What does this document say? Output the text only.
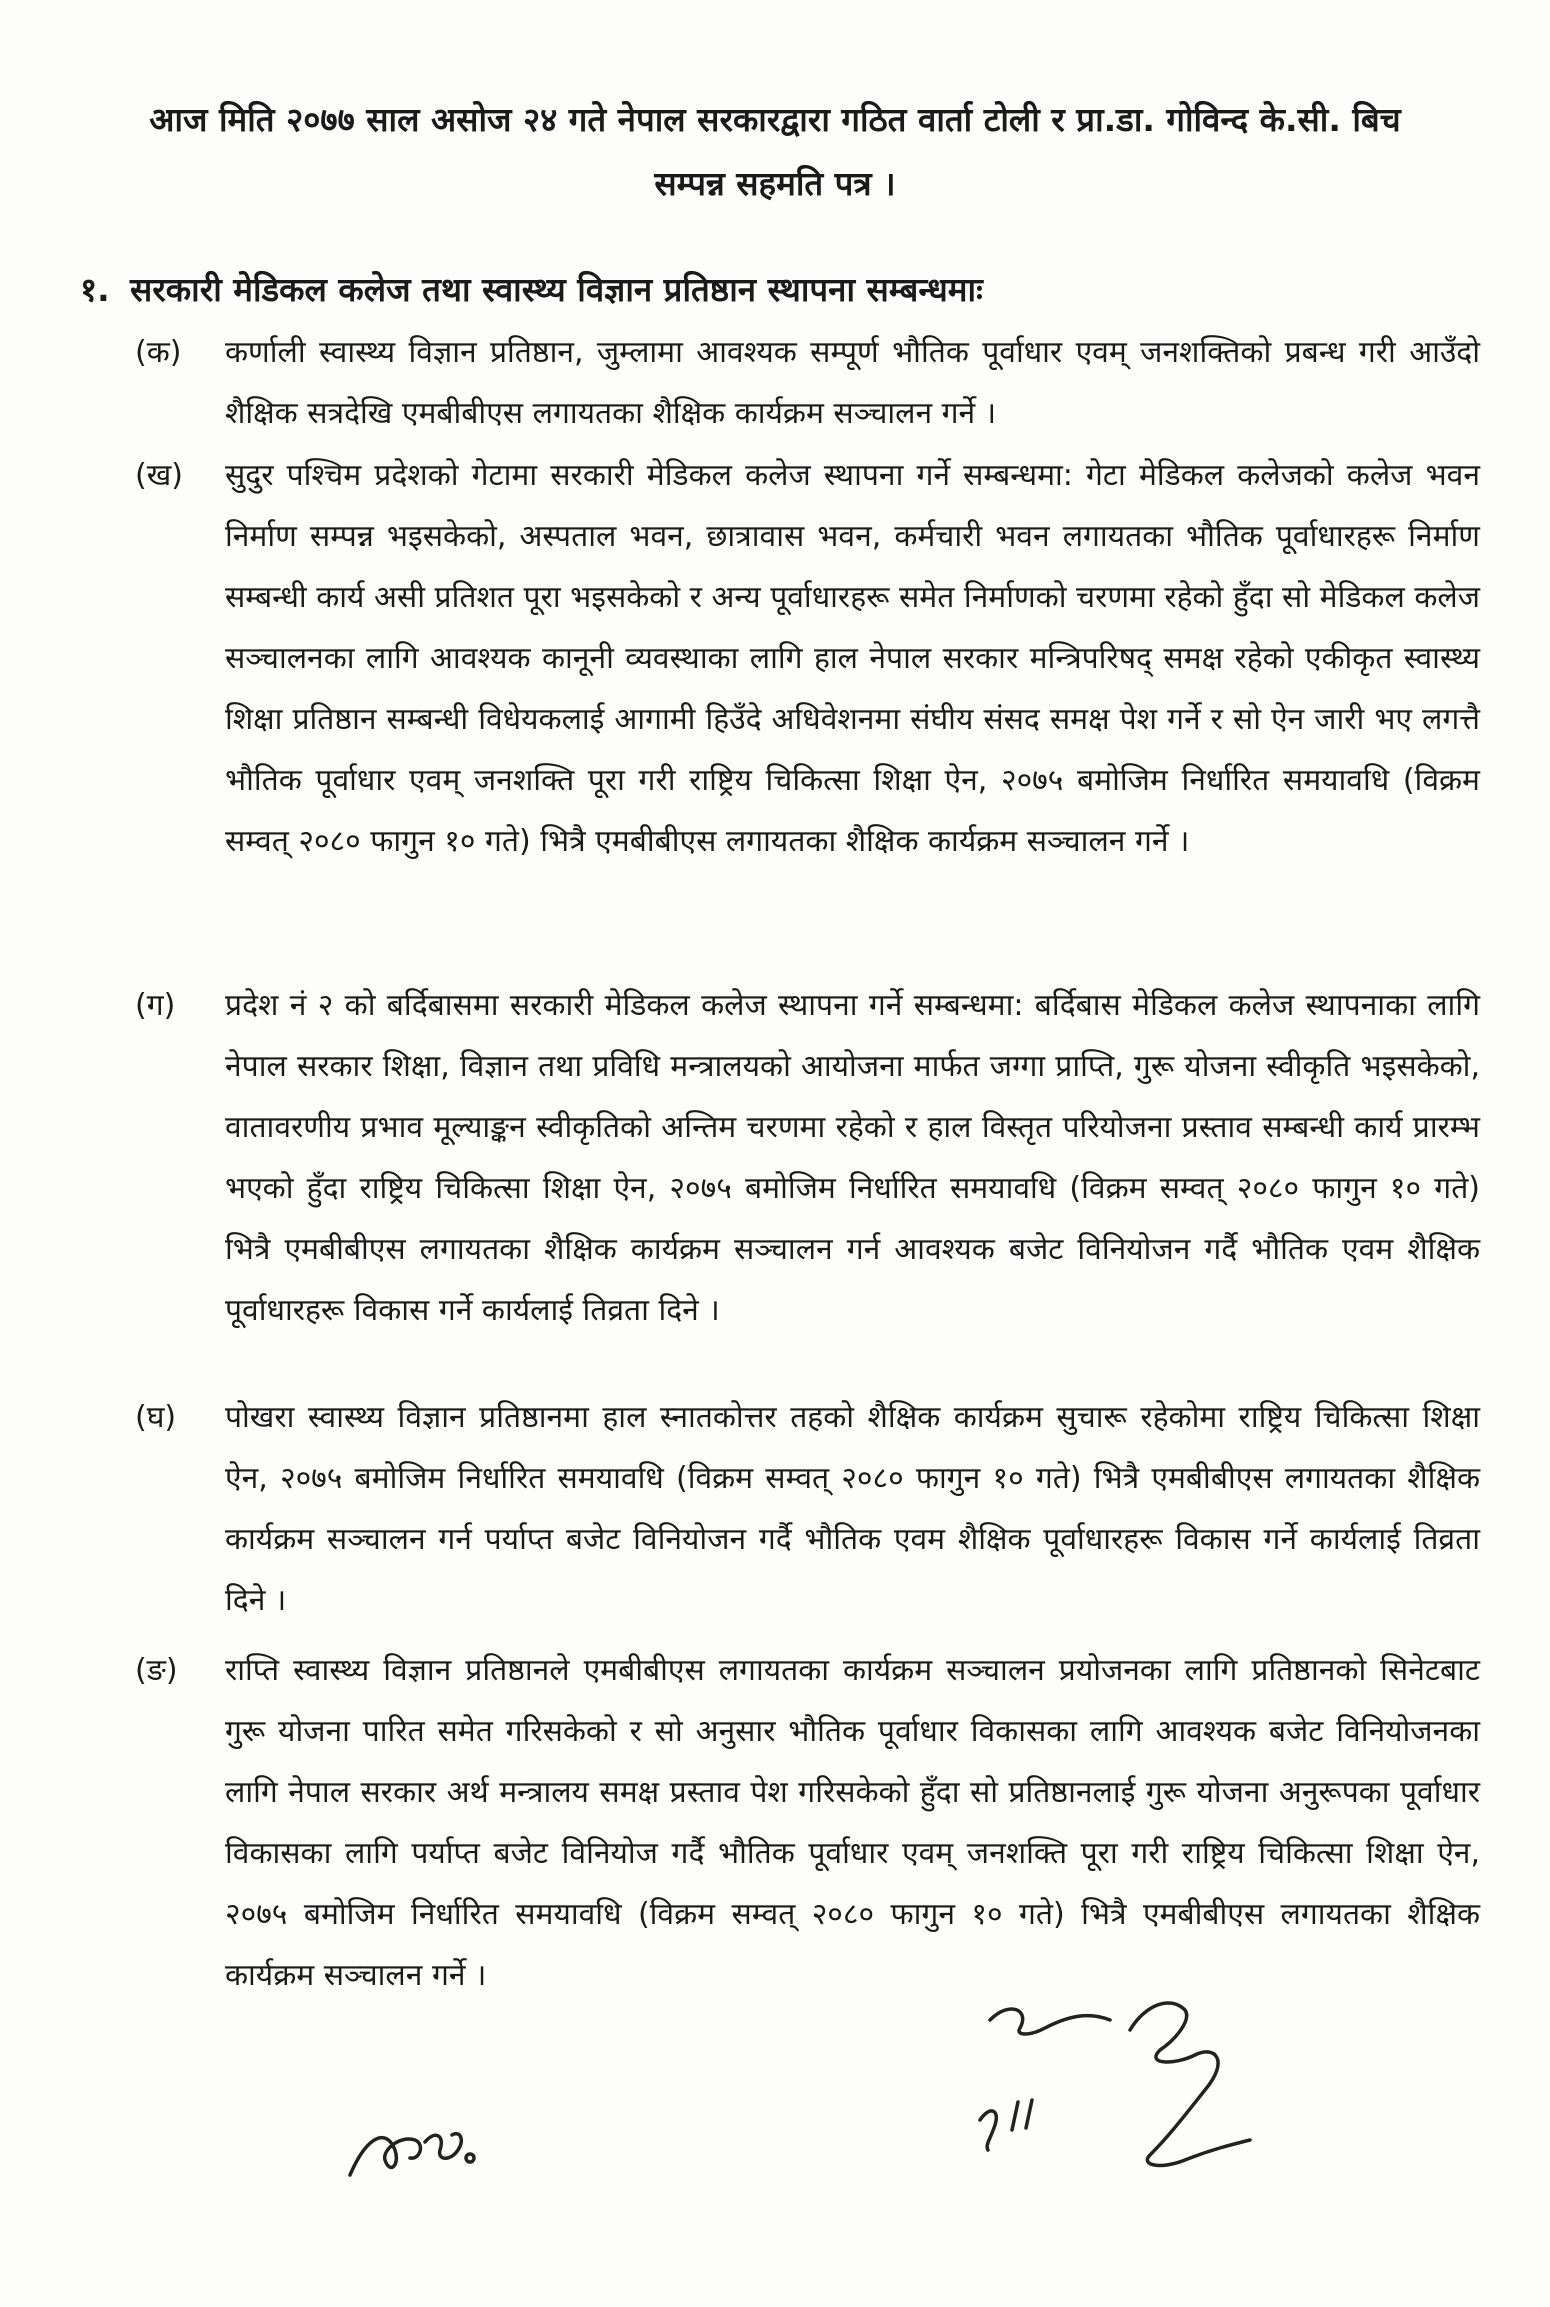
आज मिति २०७७ साल असोज २४ गते नेपाल सरकारद्वारा गठित वार्ता टोली र प्रा.डा. गोविन्द के.सी. बिच
सम्पन्न सहमति पत्र ।
१. सरकारी मेडिकल कलेज तथा स्वास्थ्य विज्ञान प्रतिष्ठान स्थापना सम्बन्धमाः
(क)	कर्णाली स्वास्थ्य विज्ञान प्रतिष्ठान, जुम्लामा आवश्यक सम्पूर्ण भौतिक पूर्वाधार एवम् जनशक्तिको प्रबन्ध गरी आउँदो शैक्षिक सत्रदेखि एमबीबीएस लगायतका शैक्षिक कार्यक्रम सञ्चालन गर्ने ।
(ख)	सुदुर पश्चिम प्रदेशको गेटामा सरकारी मेडिकल कलेज स्थापना गर्ने सम्बन्धमा: गेटा मेडिकल कलेजको कलेज भवन निर्माण सम्पन्न भइसकेको, अस्पताल भवन, छात्रावास भवन, कर्मचारी भवन लगायतका भौतिक पूर्वाधारहरू निर्माण सम्बन्धी कार्य असी प्रतिशत पूरा भइसकेको र अन्य पूर्वाधारहरू समेत निर्माणको चरणमा रहेको हुँदा सो मेडिकल कलेज सञ्चालनका लागि आवश्यक कानूनी व्यवस्थाका लागि हाल नेपाल सरकार मन्त्रिपरिषद् समक्ष रहेको एकीकृत स्वास्थ्य शिक्षा प्रतिष्ठान सम्बन्धी विधेयकलाई आगामी हिउँदे अधिवेशनमा संघीय संसद समक्ष पेश गर्ने र सो ऐन जारी भए लगत्तै भौतिक पूर्वाधार एवम् जनशक्ति पूरा गरी राष्ट्रिय चिकित्सा शिक्षा ऐन, २०७५ बमोजिम निर्धारित समयावधि (विक्रम सम्वत् २०८० फागुन १० गते) भित्रै एमबीबीएस लगायतका शैक्षिक कार्यक्रम सञ्चालन गर्ने ।
(ग)	प्रदेश नं २ को बर्दिबासमा सरकारी मेडिकल कलेज स्थापना गर्ने सम्बन्धमा: बर्दिबास मेडिकल कलेज स्थापनाका लागि नेपाल सरकार शिक्षा, विज्ञान तथा प्रविधि मन्त्रालयको आयोजना मार्फत जग्गा प्राप्ति, गुरू योजना स्वीकृति भइसकेको, वातावरणीय प्रभाव मूल्याङ्कन स्वीकृतिको अन्तिम चरणमा रहेको र हाल विस्तृत परियोजना प्रस्ताव सम्बन्धी कार्य प्रारम्भ भएको हुँदा राष्ट्रिय चिकित्सा शिक्षा ऐन, २०७५ बमोजिम निर्धारित समयावधि (विक्रम सम्वत् २०८० फागुन १० गते) भित्रै एमबीबीएस लगायतका शैक्षिक कार्यक्रम सञ्चालन गर्न आवश्यक बजेट विनियोजन गर्दै भौतिक एवम शैक्षिक पूर्वाधारहरू विकास गर्ने कार्यलाई तिव्रता दिने ।
(घ)	पोखरा स्वास्थ्य विज्ञान प्रतिष्ठानमा हाल स्नातकोत्तर तहको शैक्षिक कार्यक्रम सुचारू रहेकोमा राष्ट्रिय चिकित्सा शिक्षा ऐन, २०७५ बमोजिम निर्धारित समयावधि (विक्रम सम्वत् २०८० फागुन १० गते) भित्रै एमबीबीएस लगायतका शैक्षिक कार्यक्रम सञ्चालन गर्न पर्याप्त बजेट विनियोजन गर्दै भौतिक एवम शैक्षिक पूर्वाधारहरू विकास गर्ने कार्यलाई तिव्रता दिने ।
(ङ)	राप्ति स्वास्थ्य विज्ञान प्रतिष्ठानले एमबीबीएस लगायतका कार्यक्रम सञ्चालन प्रयोजनका लागि प्रतिष्ठानको सिनेटबाट गुरू योजना पारित समेत गरिसकेको र सो अनुसार भौतिक पूर्वाधार विकासका लागि आवश्यक बजेट विनियोजनका लागि नेपाल सरकार अर्थ मन्त्रालय समक्ष प्रस्ताव पेश गरिसकेको हुँदा सो प्रतिष्ठानलाई गुरू योजना अनुरूपका पूर्वाधार विकासका लागि पर्याप्त बजेट विनियोज गर्दै भौतिक पूर्वाधार एवम् जनशक्ति पूरा गरी राष्ट्रिय चिकित्सा शिक्षा ऐन, २०७५ बमोजिम निर्धारित समयावधि (विक्रम सम्वत् २०८० फागुन १० गते) भित्रै एमबीबीएस लगायतका शैक्षिक कार्यक्रम सञ्चालन गर्ने ।
